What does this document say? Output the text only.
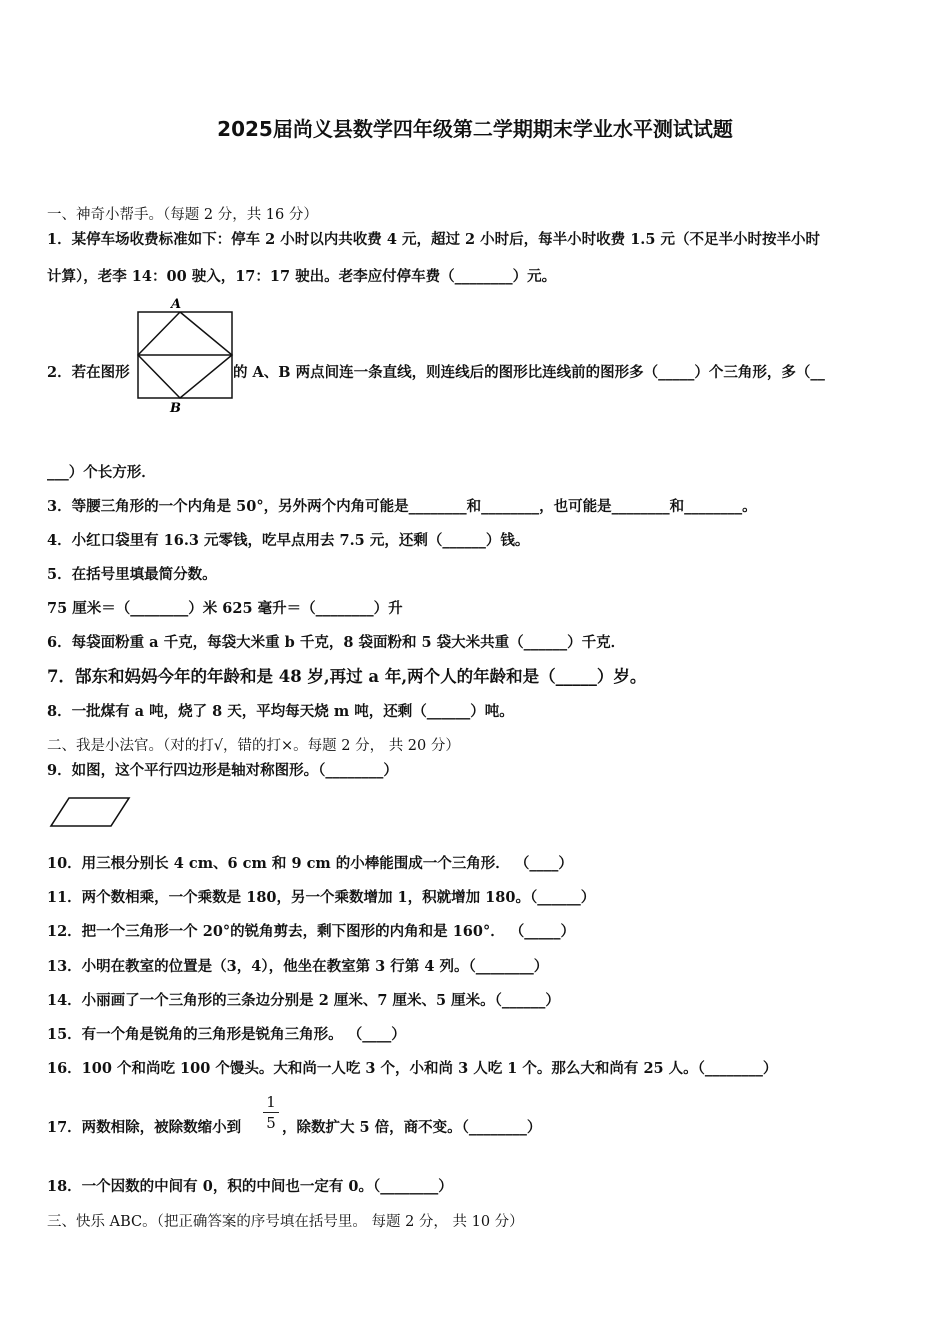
2025届尚义县数学四年级第二学期期末学业水平测试试题
一、神奇小帮手。（每题 2 分，共 16 分）
1．某停车场收费标准如下：停车 2 小时以内共收费 4 元，超过 2 小时后，每半小时收费 1.5 元（不足半小时按半小时
计算），老李 14：00 驶入，17：17 驶出。老李应付停车费（________）元。
2．若在图形
A
B
的 A、B 两点间连一条直线，则连线后的图形比连线前的图形多（_____）个三角形，多（__
___）个长方形．
3．等腰三角形的一个内角是 50°，另外两个内角可能是________和________，也可能是________和________。
4．小红口袋里有 16.3 元零钱，吃早点用去 7.5 元，还剩（______）钱。
5．在括号里填最简分数。
75 厘米＝（________）米 625 毫升＝（________）升
6．每袋面粉重 a 千克，每袋大米重 b 千克，8 袋面粉和 5 袋大米共重（______）千克．
7．郜东和妈妈今年的年龄和是 48 岁,再过 a 年,两个人的年龄和是（_____）岁。
8．一批煤有 a 吨，烧了 8 天，平均每天烧 m 吨，还剩（______）吨。
二、我是小法官。（对的打√，错的打×。每题 2 分， 共 20 分）
9．如图，这个平行四边形是轴对称图形。（________）
10．用三根分别长 4 cm、6 cm 和 9 cm 的小棒能围成一个三角形． （____）
11．两个数相乘，一个乘数是 180，另一个乘数增加 1，积就增加 180。（______）
12．把一个三角形一个 20°的锐角剪去，剩下图形的内角和是 160°． （_____）
13．小明在教室的位置是（3，4），他坐在教室第 3 行第 4 列。（________）
14．小丽画了一个三角形的三条边分别是 2 厘米、7 厘米、5 厘米。（______）
15．有一个角是锐角的三角形是锐角三角形。 （____）
16．100 个和尚吃 100 个馒头。大和尚一人吃 3 个，小和尚 3 人吃 1 个。那么大和尚有 25 人。（________）
17．两数相除，被除数缩小到
1
5 ，除数扩大 5 倍，商不变。（________）
18．一个因数的中间有 0，积的中间也一定有 0。（________）
三、快乐 ABC。（把正确答案的序号填在括号里。 每题 2 分， 共 10 分）
